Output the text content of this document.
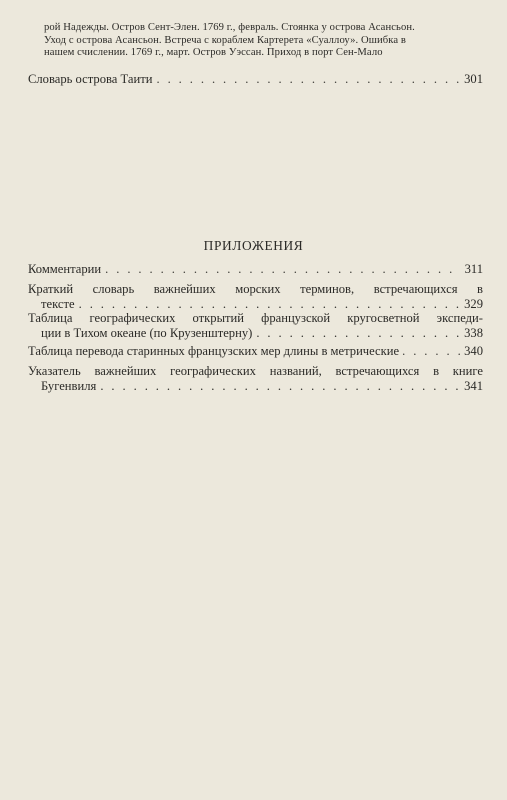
рой Надежды. Остров Сент-Элен. 1769 г., февраль. Стоянка у острова Асансьон.

Уход с острова Асансьон. Встреча с кораблем Картерета «Суаллоу». Ошибка в

нашем счислении. 1769 г., март. Остров Уэссан. Приход в порт Сен-Мало

Словарь острова Таити . . .	301
ПРИЛОЖЕНИЯ
Комментарии . . .	311
Краткий словарь важнейших морских терминов, встречающихся в
тексте . . .	329
Таблица географических открытий французской кругосветной экспеди-
ции в Тихом океане (по Крузенштерну) . . .	338
Таблица перевода старинных французских мер длины в метрические . . .	340
Указатель важнейших географических названий, встречающихся в книге
Бугенвиля . . .	341
